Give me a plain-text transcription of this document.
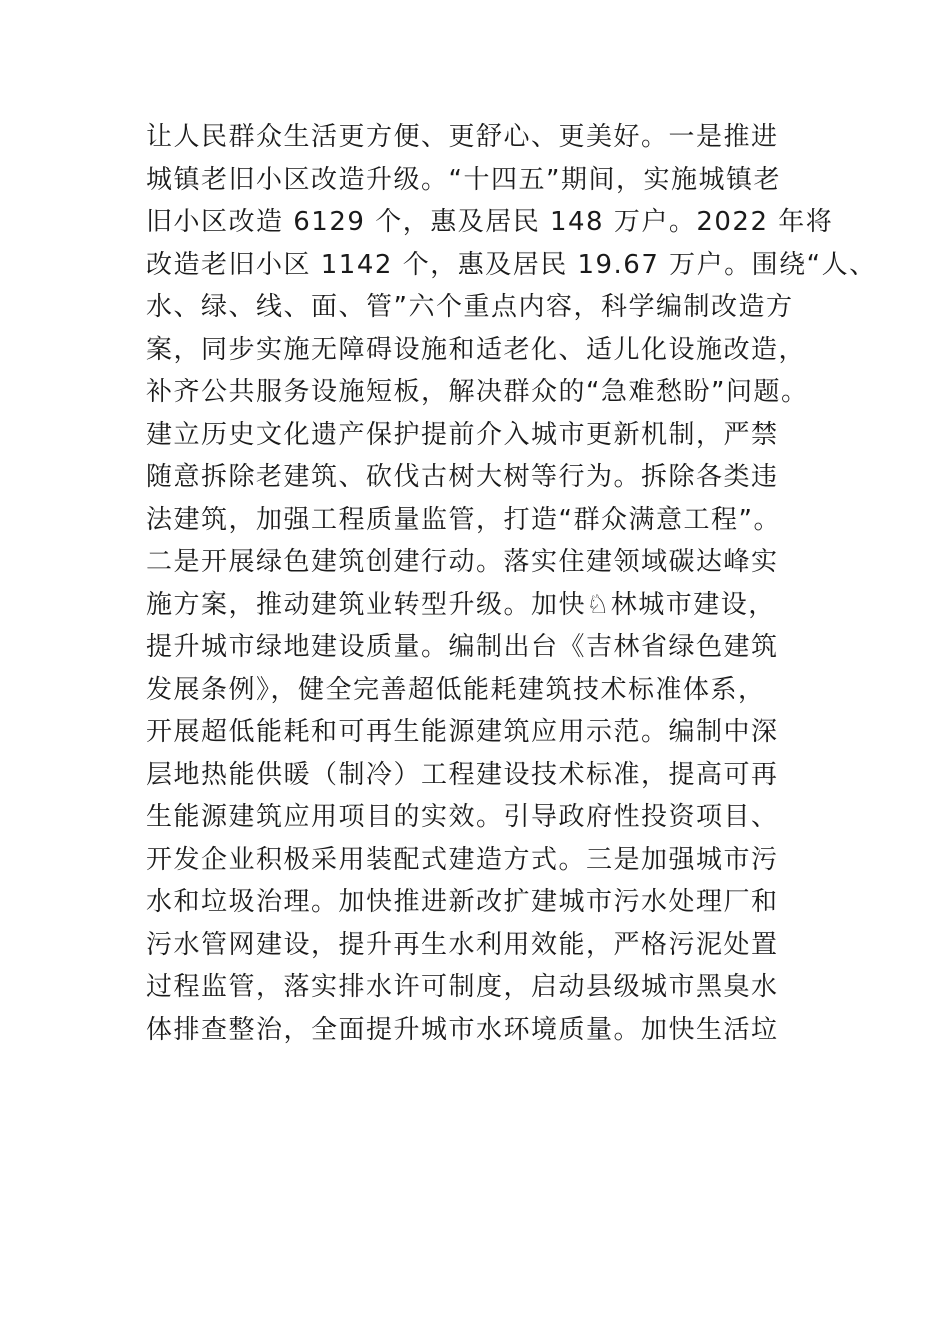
让人民群众生活更方便、更舒心、更美好。一是推进
城镇老旧小区改造升级。“十四五”期间，实施城镇老
旧小区改造 6129 个，惠及居民 148 万户。2022 年将
改造老旧小区 1142 个，惠及居民 19.67 万户。围绕“人、
水、绿、线、面、管”六个重点内容，科学编制改造方
案，同步实施无障碍设施和适老化、适儿化设施改造，
补齐公共服务设施短板，解决群众的“急难愁盼”问题。
建立历史文化遗产保护提前介入城市更新机制，严禁
随意拆除老建筑、砍伐古树大树等行为。拆除各类违
法建筑，加强工程质量监管，打造“群众满意工程”。
二是开展绿色建筑创建行动。落实住建领域碳达峰实
施方案，推动建筑业转型升级。加快♘林城市建设，
提升城市绿地建设质量。编制出台《吉林省绿色建筑
发展条例》，健全完善超低能耗建筑技术标准体系，
开展超低能耗和可再生能源建筑应用示范。编制中深
层地热能供暖（制冷）工程建设技术标准，提高可再
生能源建筑应用项目的实效。引导政府性投资项目、
开发企业积极采用装配式建造方式。三是加强城市污
水和垃圾治理。加快推进新改扩建城市污水处理厂和
污水管网建设，提升再生水利用效能，严格污泥处置
过程监管，落实排水许可制度，启动县级城市黑臭水
体排查整治，全面提升城市水环境质量。加快生活垃
